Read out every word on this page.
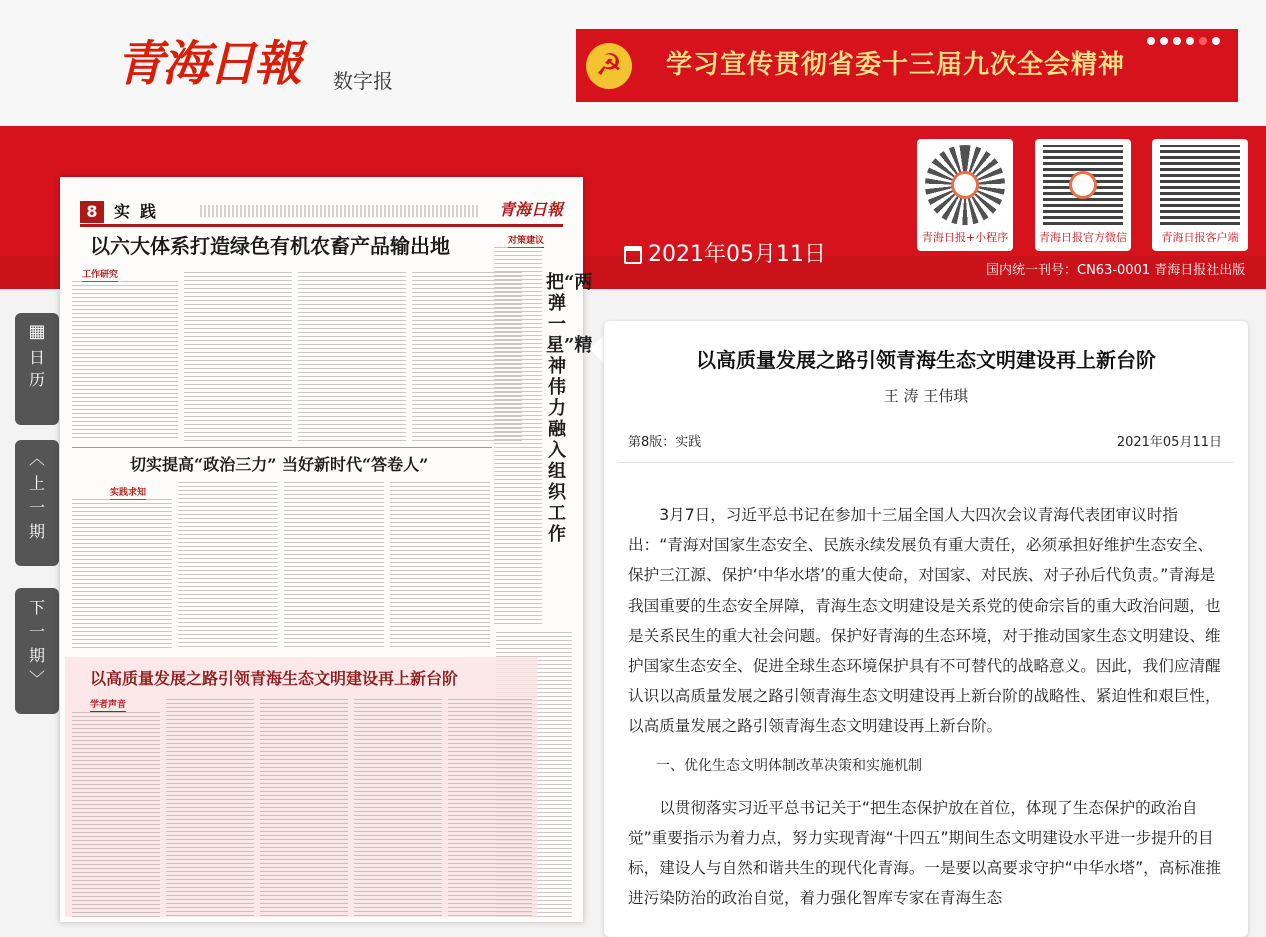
青海日報 数字报	☭	学习宣传贯彻省委十三届九次全会精神
青海日报+小程序	青海日报官方微信	青海日报客户端
2021年05月11日
国内统一刊号：CN63-0001 青海日报社出版
▦
日历
︿
上一期
下一期
﹀
8	实践	青海日報
以六大体系打造绿色有机农畜产品输出地	对策建议
把“两弹一星”精神伟力融入组织工作
工作研究
切实提高“政治三力” 当好新时代“答卷人”
实践求知
以高质量发展之路引领青海生态文明建设再上新台阶
学者声音
以高质量发展之路引领青海生态文明建设再上新台阶
王 涛 王伟琪
第8版：实践	2021年05月11日

3月7日，习近平总书记在参加十三届全国人大四次会议青海代表团审议时指出：“青海对国家生态安全、民族永续发展负有重大责任，必须承担好维护生态安全、保护三江源、保护‘中华水塔’的重大使命，对国家、对民族、对子孙后代负责。”青海是我国重要的生态安全屏障，青海生态文明建设是关系党的使命宗旨的重大政治问题，也是关系民生的重大社会问题。保护好青海的生态环境，对于推动国家生态文明建设、维护国家生态安全、促进全球生态环境保护具有不可替代的战略意义。因此，我们应清醒认识以高质量发展之路引领青海生态文明建设再上新台阶的战略性、紧迫性和艰巨性，以高质量发展之路引领青海生态文明建设再上新台阶。

一、优化生态文明体制改革决策和实施机制

以贯彻落实习近平总书记关于“把生态保护放在首位，体现了生态保护的政治自觉”重要指示为着力点，努力实现青海“十四五”期间生态文明建设水平进一步提升的目标，建设人与自然和谐共生的现代化青海。一是要以高要求守护“中华水塔”，高标准推进污染防治的政治自觉，着力强化智库专家在青海生态
